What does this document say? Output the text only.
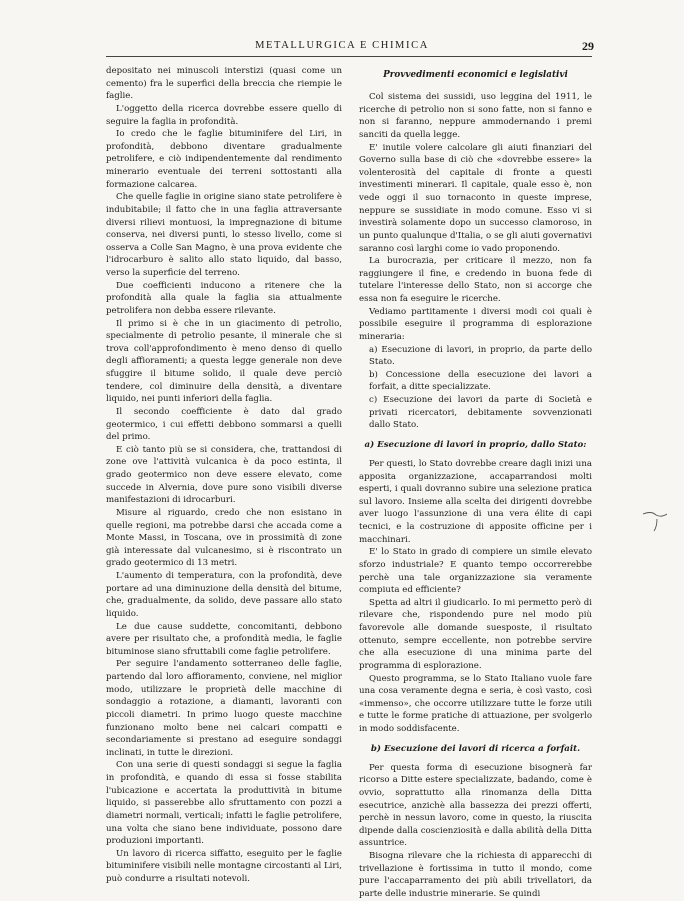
METALLURGICA E CHIMICA	29

depositato nei minuscoli interstizi (quasi come un cemento) fra le superfici della breccia che riempie le faglie.

L'oggetto della ricerca dovrebbe essere quello di seguire la faglia in profondità.

Io credo che le faglie bituminifere del Liri, in profondità, debbono diventare gradualmente petrolifere, e ciò indipendentemente dal rendimento minerario eventuale dei terreni sottostanti alla formazione calcarea.

Che quelle faglie in origine siano state petrolifere è indubitabile; il fatto che in una faglia attraversante diversi rilievi montuosi, la impregnazione di bitume conserva, nei diversi punti, lo stesso livello, come si osserva a Colle San Magno, è una prova evidente che l'idrocarburo è salito allo stato liquido, dal basso, verso la superficie del terreno.

Due coefficienti inducono a ritenere che la profondità alla quale la faglia sia attualmente petrolifera non debba essere rilevante.

Il primo si è che in un giacimento di petrolio, specialmente di petrolio pesante, il minerale che si trova coll'approfondimento è meno denso di quello degli affioramenti; a questa legge generale non deve sfuggire il bitume solido, il quale deve perciò tendere, col diminuire della densità, a diventare liquido, nei punti inferiori della faglia.

Il secondo coefficiente è dato dal grado geotermico, i cui effetti debbono sommarsi a quelli del primo.

E ciò tanto più se si considera, che, trattandosi di zone ove l'attività vulcanica è da poco estinta, il grado geotermico non deve essere elevato, come succede in Alvernia, dove pure sono visibili diverse manifestazioni di idrocarburi.

Misure al riguardo, credo che non esistano in quelle regioni, ma potrebbe darsi che accada come a Monte Massi, in Toscana, ove in prossimità di zone già interessate dal vulcanesimo, si è riscontrato un grado geotermico di 13 metri.

L'aumento di temperatura, con la profondità, deve portare ad una diminuzione della densità del bitume, che, gradualmente, da solido, deve passare allo stato liquido.

Le due cause suddette, concomitanti, debbono avere per risultato che, a profondità media, le faglie bituminose siano sfruttabili come faglie petrolifere.

Per seguire l'andamento sotterraneo delle faglie, partendo dal loro affioramento, conviene, nel miglior modo, utilizzare le proprietà delle macchine di sondaggio a rotazione, a diamanti, lavoranti con piccoli diametri. In primo luogo queste macchine funzionano molto bene nei calcari compatti e secondariamente si prestano ad eseguire sondaggi inclinati, in tutte le direzioni.

Con una serie di questi sondaggi si segue la faglia in profondità, e quando di essa si fosse stabilita l'ubicazione e accertata la produttività in bitume liquido, si passerebbe allo sfruttamento con pozzi a diametri normali, verticali; infatti le faglie petrolifere, una volta che siano bene individuate, possono dare produzioni importanti.

Un lavoro di ricerca siffatto, eseguito per le faglie bituminifere visibili nelle montagne circostanti al Liri, può condurre a risultati notevoli.

Provvedimenti economici e legislativi

Col sistema dei sussidi, uso leggina del 1911, le ricerche di petrolio non si sono fatte, non si fanno e non si faranno, neppure ammodernando i premi sanciti da quella legge.

E' inutile volere calcolare gli aiuti finanziari del Governo sulla base di ciò che «dovrebbe essere» la volenterosità del capitale di fronte a questi investimenti minerari. Il capitale, quale esso è, non vede oggi il suo tornaconto in queste imprese, neppure se sussidiate in modo comune. Esso vi si investirà solamente dopo un successo clamoroso, in un punto qualunque d'Italia, o se gli aiuti governativi saranno così larghi come io vado proponendo.

La burocrazia, per criticare il mezzo, non fa raggiungere il fine, e credendo in buona fede di tutelare l'interesse dello Stato, non si accorge che essa non fa eseguire le ricerche.

Vediamo partitamente i diversi modi coi quali è possibile eseguire il programma di esplorazione mineraria:

a) Esecuzione di lavori, in proprio, da parte dello Stato.

b) Concessione della esecuzione dei lavori a forfait, a ditte specializzate.

c) Esecuzione dei lavori da parte di Società e privati ricercatori, debitamente sovvenzionati dallo Stato.

a) Esecuzione di lavori in proprio, dallo Stato:

Per questi, lo Stato dovrebbe creare dagli inizi una apposita organizzazione, accaparrandosi molti esperti, i quali dovranno subire una selezione pratica sul lavoro. Insieme alla scelta dei dirigenti dovrebbe aver luogo l'assunzione di una vera élite di capi tecnici, e la costruzione di apposite officine per i macchinari.

E' lo Stato in grado di compiere un simile elevato sforzo industriale? E quanto tempo occorrerebbe perchè una tale organizzazione sia veramente compiuta ed efficiente?

Spetta ad altri il giudicarlo. Io mi permetto però di rilevare che, rispondendo pure nel modo più favorevole alle domande suesposte, il risultato ottenuto, sempre eccellente, non potrebbe servire che alla esecuzione di una minima parte del programma di esplorazione.

Questo programma, se lo Stato Italiano vuole fare una cosa veramente degna e seria, è così vasto, così «immenso», che occorre utilizzare tutte le forze utili e tutte le forme pratiche di attuazione, per svolgerlo in modo soddisfacente.

b) Esecuzione dei lavori di ricerca a forfait.

Per questa forma di esecuzione bisognerà far ricorso a Ditte estere specializzate, badando, come è ovvio, soprattutto alla rinomanza della Ditta esecutrice, anzichè alla bassezza dei prezzi offerti, perchè in nessun lavoro, come in questo, la riuscita dipende dalla coscienziosità e dalla abilità della Ditta assuntrice.

Bisogna rilevare che la richiesta di apparecchi di trivellazione è fortissima in tutto il mondo, come pure l'accaparramento dei più abili trivellatori, da parte delle industrie minerarie. Se quindi
